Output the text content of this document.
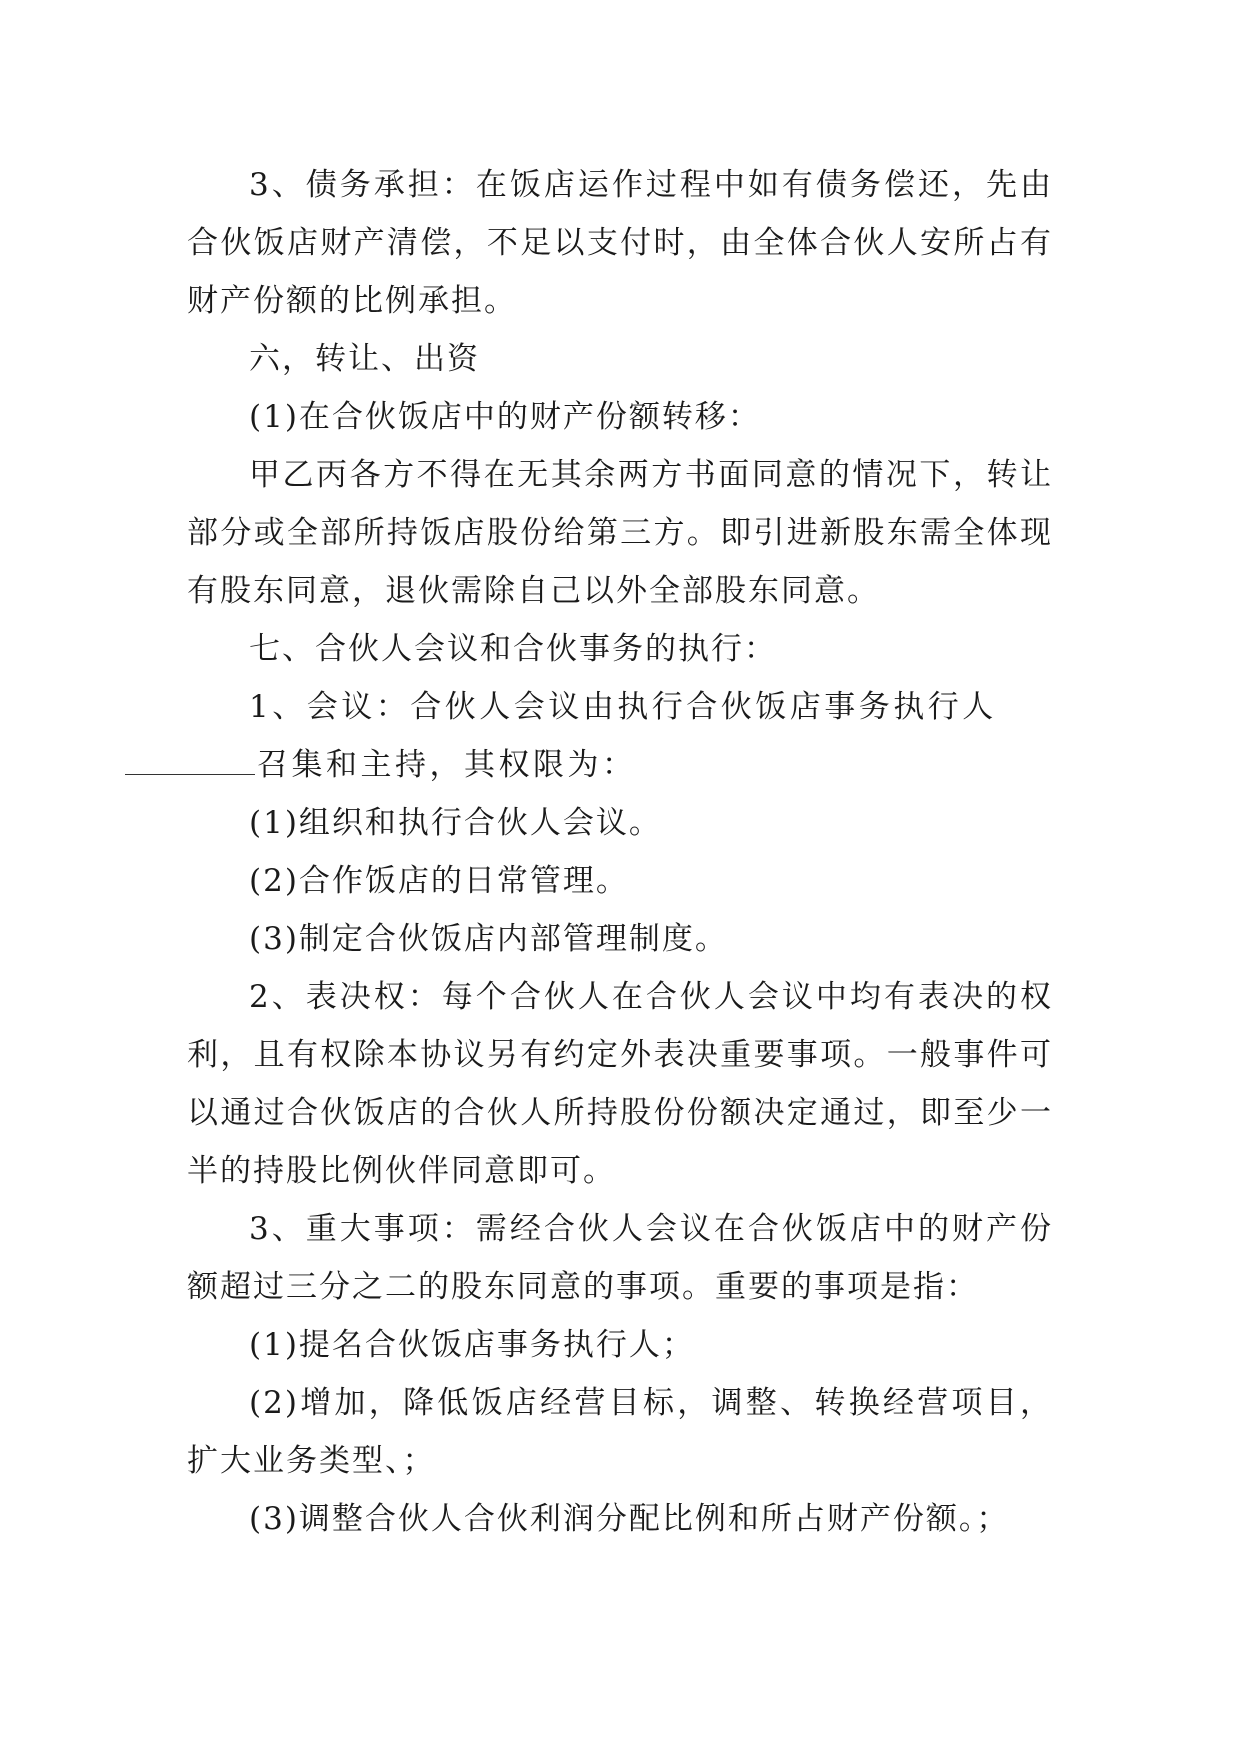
3、债务承担：在饭店运作过程中如有债务偿还，先由合伙饭店财产清偿，不足以支付时，由全体合伙人安所占有财产份额的比例承担。

六，转让、出资

(1)在合伙饭店中的财产份额转移：

甲乙丙各方不得在无其余两方书面同意的情况下，转让部分或全部所持饭店股份给第三方。即引进新股东需全体现有股东同意，退伙需除自己以外全部股东同意。

七、合伙人会议和合伙事务的执行：

1、会议：合伙人会议由执行合伙饭店事务执行人
召集和主持，其权限为：

(1)组织和执行合伙人会议。

(2)合作饭店的日常管理。

(3)制定合伙饭店内部管理制度。

2、表决权：每个合伙人在合伙人会议中均有表决的权利，且有权除本协议另有约定外表决重要事项。一般事件可以通过合伙饭店的合伙人所持股份份额决定通过，即至少一半的持股比例伙伴同意即可。

3、重大事项：需经合伙人会议在合伙饭店中的财产份额超过三分之二的股东同意的事项。重要的事项是指：

(1)提名合伙饭店事务执行人；

(2)增加，降低饭店经营目标，调整、转换经营项目，扩大业务类型、；

(3)调整合伙人合伙利润分配比例和所占财产份额。；
